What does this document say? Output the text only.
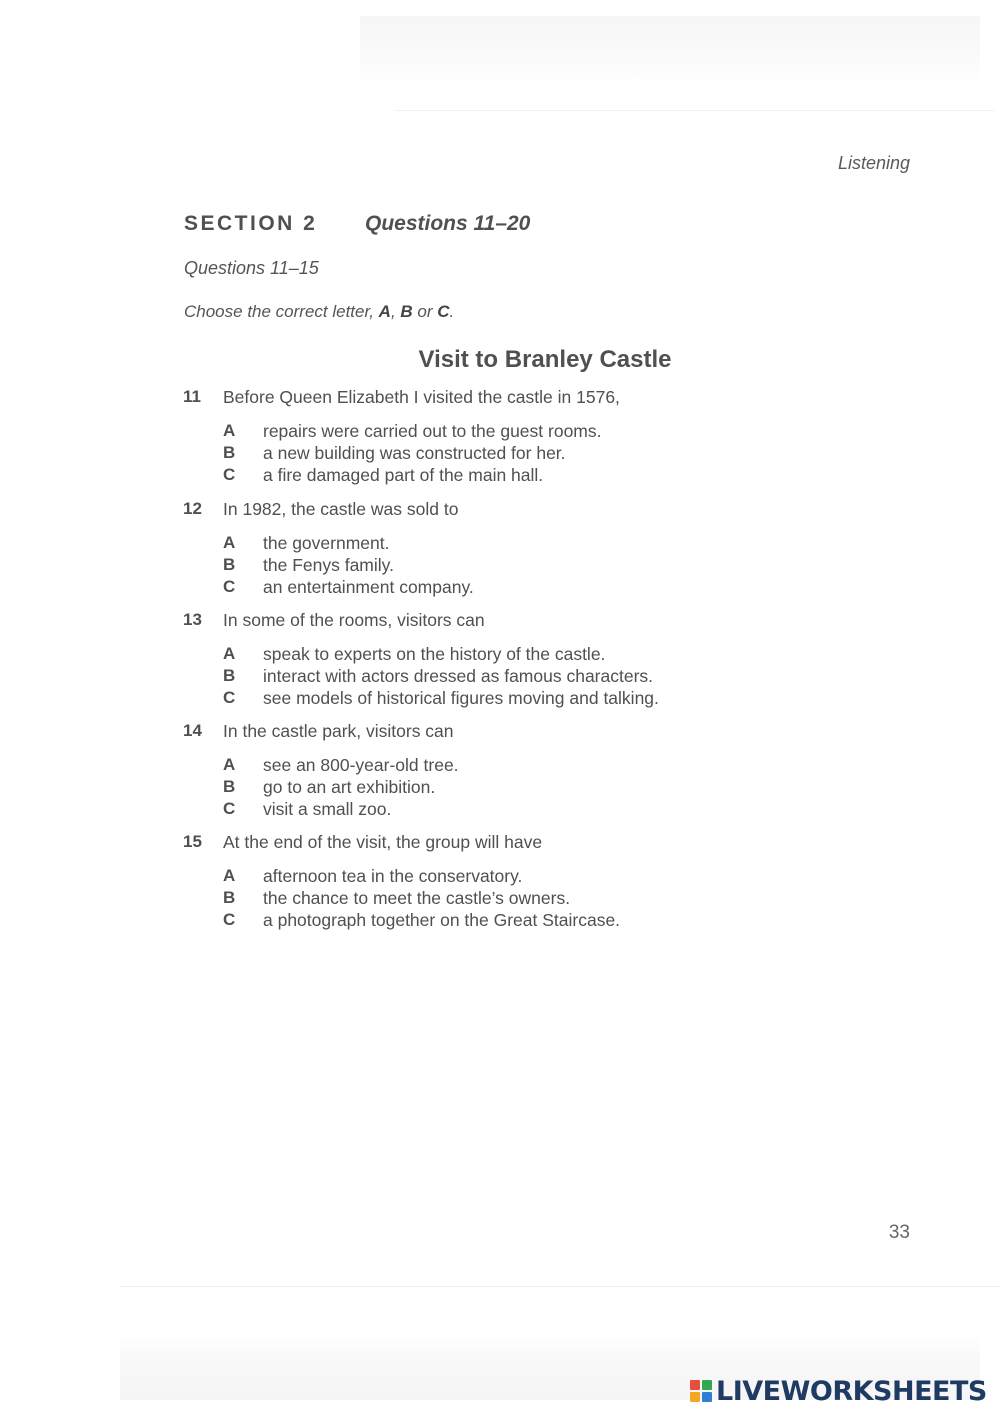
Listening
SECTION 2 Questions 11–20
Questions 11–15
Choose the correct letter, A, B or C.
Visit to Branley Castle
11 Before Queen Elizabeth I visited the castle in 1576,
A repairs were carried out to the guest rooms.
B a new building was constructed for her.
C a fire damaged part of the main hall.
12 In 1982, the castle was sold to
A the government.
B the Fenys family.
C an entertainment company.
13 In some of the rooms, visitors can
A speak to experts on the history of the castle.
B interact with actors dressed as famous characters.
C see models of historical figures moving and talking.
14 In the castle park, visitors can
A see an 800-year-old tree.
B go to an art exhibition.
C visit a small zoo.
15 At the end of the visit, the group will have
A afternoon tea in the conservatory.
B the chance to meet the castle’s owners.
C a photograph together on the Great Staircase.
33
LIVEWORKSHEETS
